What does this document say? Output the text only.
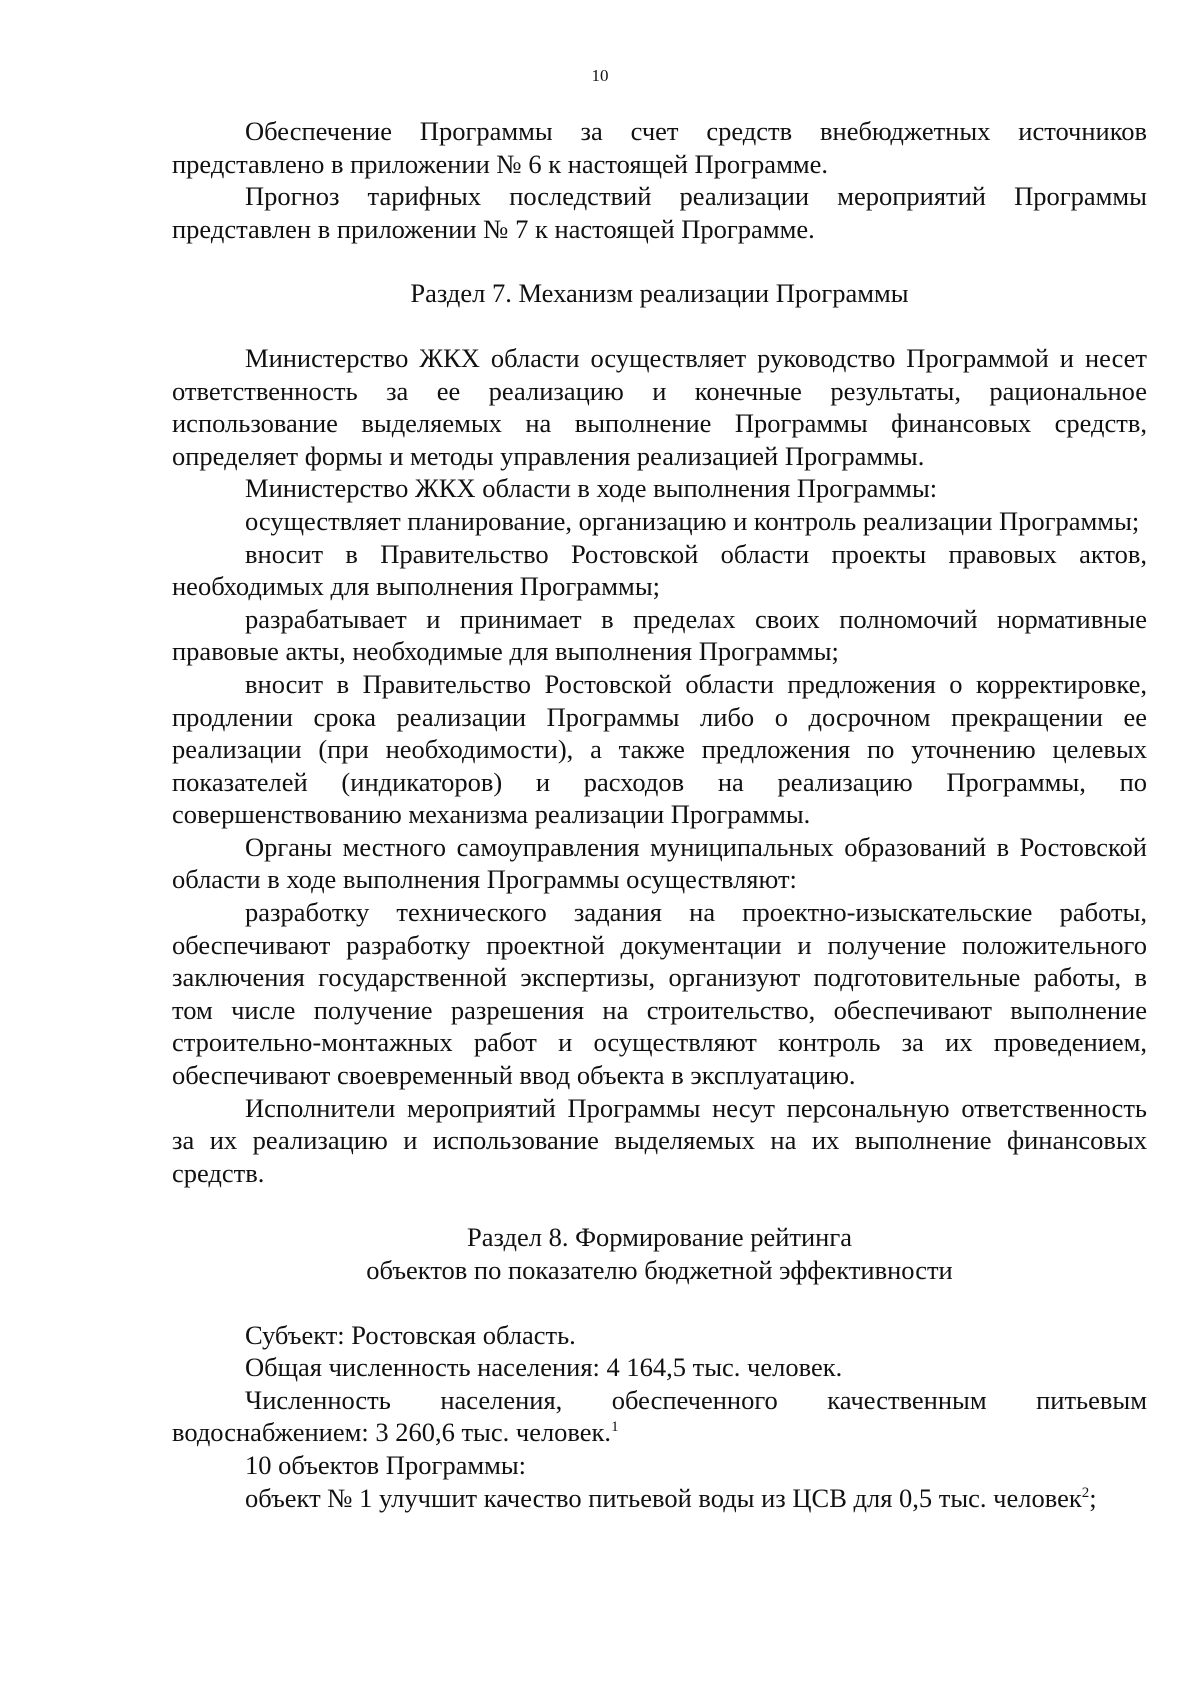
10

Обеспечение Программы за счет средств внебюджетных источников представлено в приложении № 6 к настоящей Программе.

Прогноз тарифных последствий реализации мероприятий Программы представлен в приложении № 7 к настоящей Программе.

Раздел 7. Механизм реализации Программы

Министерство ЖКХ области осуществляет руководство Программой и несет ответственность за ее реализацию и конечные результаты, рациональное использование выделяемых на выполнение Программы финансовых средств, определяет формы и методы управления реализацией Программы.

Министерство ЖКХ области в ходе выполнения Программы:

осуществляет планирование, организацию и контроль реализации Программы;

вносит в Правительство Ростовской области проекты правовых актов, необходимых для выполнения Программы;

разрабатывает и принимает в пределах своих полномочий нормативные правовые акты, необходимые для выполнения Программы;

вносит в Правительство Ростовской области предложения о корректировке, продлении срока реализации Программы либо о досрочном прекращении ее реализации (при необходимости), а также предложения по уточнению целевых показателей (индикаторов) и расходов на реализацию Программы, по совершенствованию механизма реализации Программы.

Органы местного самоуправления муниципальных образований в Ростовской области в ходе выполнения Программы осуществляют:

разработку технического задания на проектно-изыскательские работы, обеспечивают разработку проектной документации и получение положительного заключения государственной экспертизы, организуют подготовительные работы, в том числе получение разрешения на строительство, обеспечивают выполнение строительно-монтажных работ и осуществляют контроль за их проведением, обеспечивают своевременный ввод объекта в эксплуатацию.

Исполнители мероприятий Программы несут персональную ответственность за их реализацию и использование выделяемых на их выполнение финансовых средств.

Раздел 8. Формирование рейтинга
объектов по показателю бюджетной эффективности

Субъект: Ростовская область.

Общая численность населения: 4 164,5 тыс. человек.

Численность населения, обеспеченного качественным питьевым водоснабжением: 3 260,6 тыс. человек.$^1$

10 объектов Программы:

объект № 1 улучшит качество питьевой воды из ЦСВ для 0,5 тыс. человек$^2$;
